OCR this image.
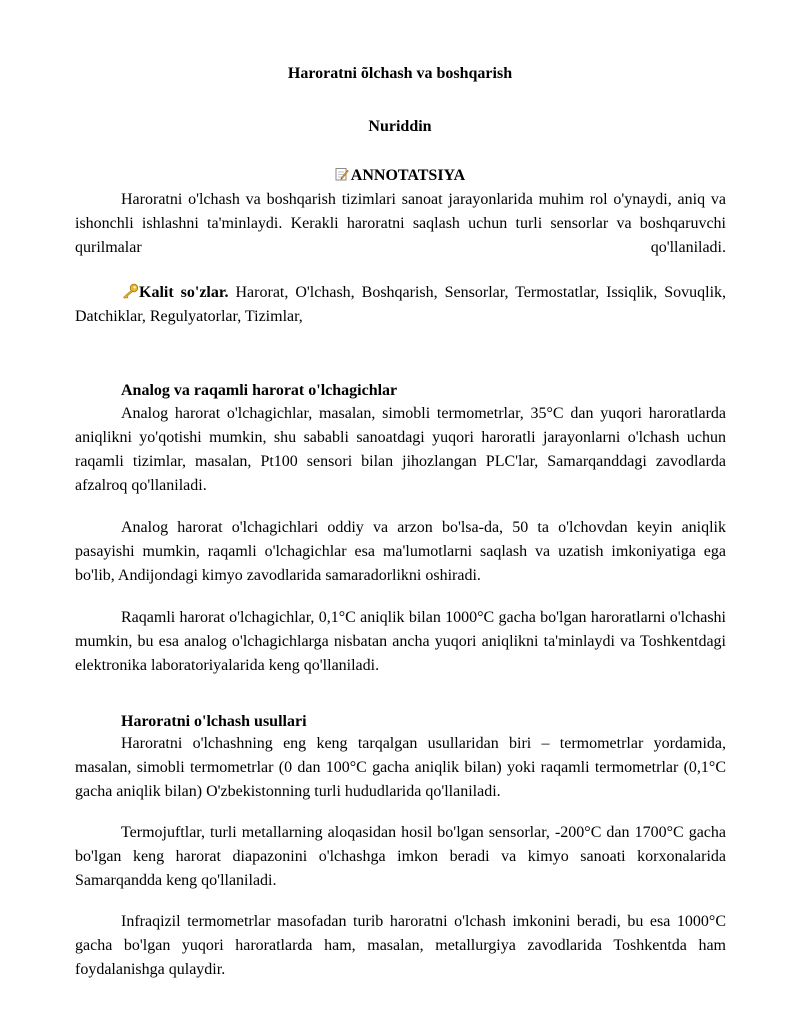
Haroratni õlchash va boshqarish
Nuriddin
ANNOTATSIYA

Haroratni o'lchash va boshqarish tizimlari sanoat jarayonlarida muhim rol o'ynaydi, aniq va ishonchli ishlashni ta'minlaydi. Kerakli haroratni saqlash uchun turli sensorlar va boshqaruvchi qurilmalar qo'llaniladi.

Kalit so'zlar. Harorat, O'lchash, Boshqarish, Sensorlar, Termostatlar, Issiqlik, Sovuqlik, Datchiklar, Regulyatorlar, Tizimlar,

Analog va raqamli harorat o'lchagichlar

Analog harorat o'lchagichlar, masalan, simobli termometrlar, 35°C dan yuqori haroratlarda aniqlikni yo'qotishi mumkin, shu sababli sanoatdagi yuqori haroratli jarayonlarni o'lchash uchun raqamli tizimlar, masalan, Pt100 sensori bilan jihozlangan PLC'lar, Samarqanddagi zavodlarda afzalroq qo'llaniladi.

Analog harorat o'lchagichlari oddiy va arzon bo'lsa-da, 50 ta o'lchovdan keyin aniqlik pasayishi mumkin, raqamli o'lchagichlar esa ma'lumotlarni saqlash va uzatish imkoniyatiga ega bo'lib, Andijondagi kimyo zavodlarida samaradorlikni oshiradi.

Raqamli harorat o'lchagichlar, 0,1°C aniqlik bilan 1000°C gacha bo'lgan haroratlarni o'lchashi mumkin, bu esa analog o'lchagichlarga nisbatan ancha yuqori aniqlikni ta'minlaydi va Toshkentdagi elektronika laboratoriyalarida keng qo'llaniladi.

Haroratni o'lchash usullari

Haroratni o'lchashning eng keng tarqalgan usullaridan biri – termometrlar yordamida, masalan, simobli termometrlar (0 dan 100°C gacha aniqlik bilan) yoki raqamli termometrlar (0,1°C gacha aniqlik bilan) O'zbekistonning turli hududlarida qo'llaniladi.

Termojuftlar, turli metallarning aloqasidan hosil bo'lgan sensorlar, -200°C dan 1700°C gacha bo'lgan keng harorat diapazonini o'lchashga imkon beradi va kimyo sanoati korxonalarida Samarqandda keng qo'llaniladi.

Infraqizil termometrlar masofadan turib haroratni o'lchash imkonini beradi, bu esa 1000°C gacha bo'lgan yuqori haroratlarda ham, masalan, metallurgiya zavodlarida Toshkentda ham foydalanishga qulaydir.
